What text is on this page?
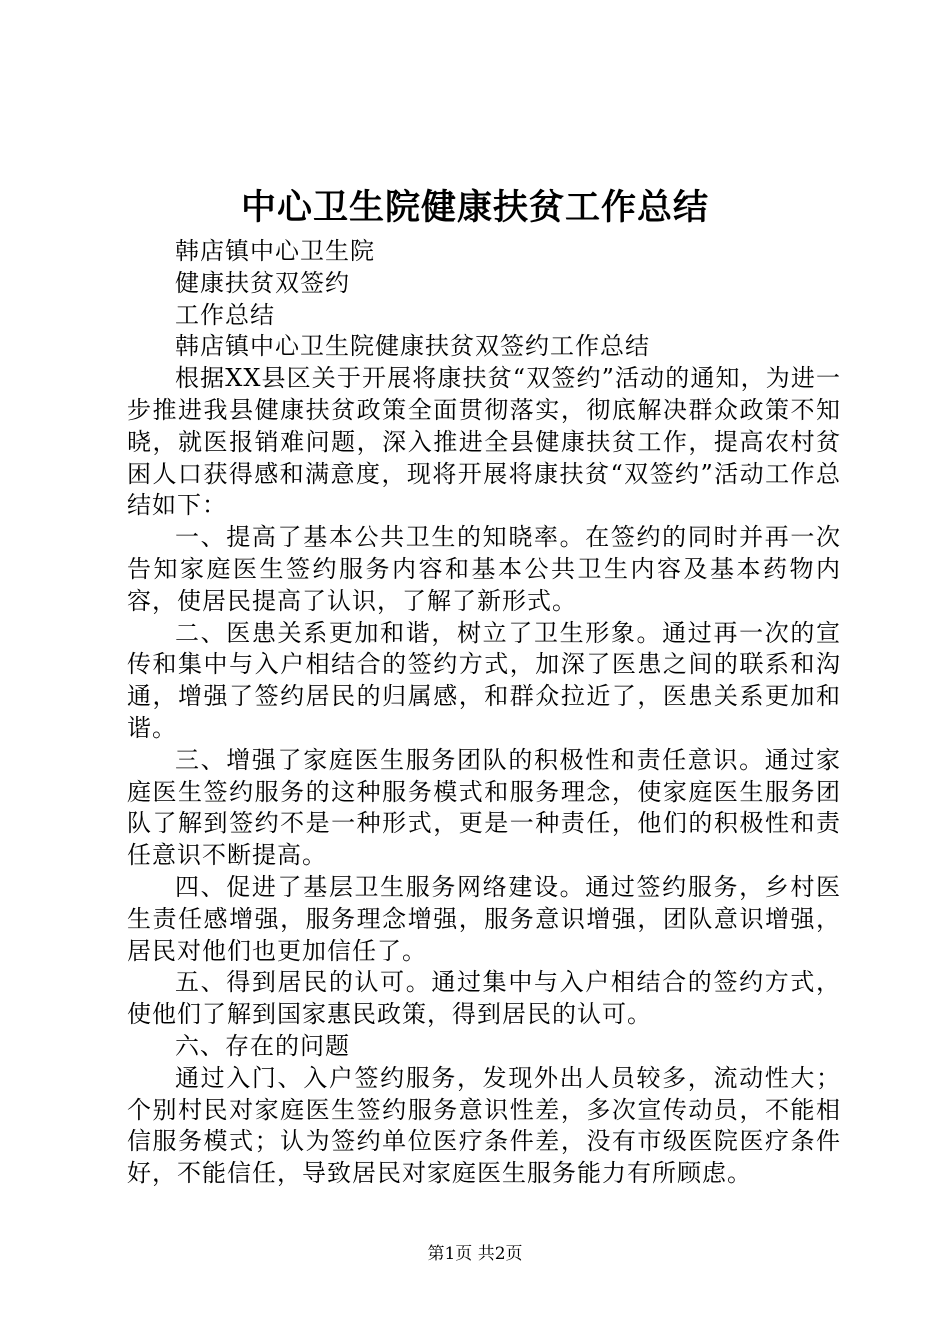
中心卫生院健康扶贫工作总结

韩店镇中心卫生院

健康扶贫双签约

工作总结

韩店镇中心卫生院健康扶贫双签约工作总结

根据XX县区关于开展将康扶贫“双签约”活动的通知，为进一步推进我县健康扶贫政策全面贯彻落实，彻底解决群众政策不知晓，就医报销难问题，深入推进全县健康扶贫工作，提高农村贫困人口获得感和满意度，现将开展将康扶贫“双签约”活动工作总结如下：

一、提高了基本公共卫生的知晓率。在签约的同时并再一次告知家庭医生签约服务内容和基本公共卫生内容及基本药物内容，使居民提高了认识，了解了新形式。

二、医患关系更加和谐，树立了卫生形象。通过再一次的宣传和集中与入户相结合的签约方式，加深了医患之间的联系和沟通，增强了签约居民的归属感，和群众拉近了，医患关系更加和谐。

三、增强了家庭医生服务团队的积极性和责任意识。通过家庭医生签约服务的这种服务模式和服务理念，使家庭医生服务团队了解到签约不是一种形式，更是一种责任，他们的积极性和责任意识不断提高。

四、促进了基层卫生服务网络建设。通过签约服务，乡村医生责任感增强，服务理念增强，服务意识增强，团队意识增强，居民对他们也更加信任了。

五、得到居民的认可。通过集中与入户相结合的签约方式，使他们了解到国家惠民政策，得到居民的认可。

六、存在的问题

通过入门、入户签约服务，发现外出人员较多，流动性大；个别村民对家庭医生签约服务意识性差，多次宣传动员，不能相信服务模式；认为签约单位医疗条件差，没有市级医院医疗条件好，不能信任，导致居民对家庭医生服务能力有所顾虑。

第1页 共2页
